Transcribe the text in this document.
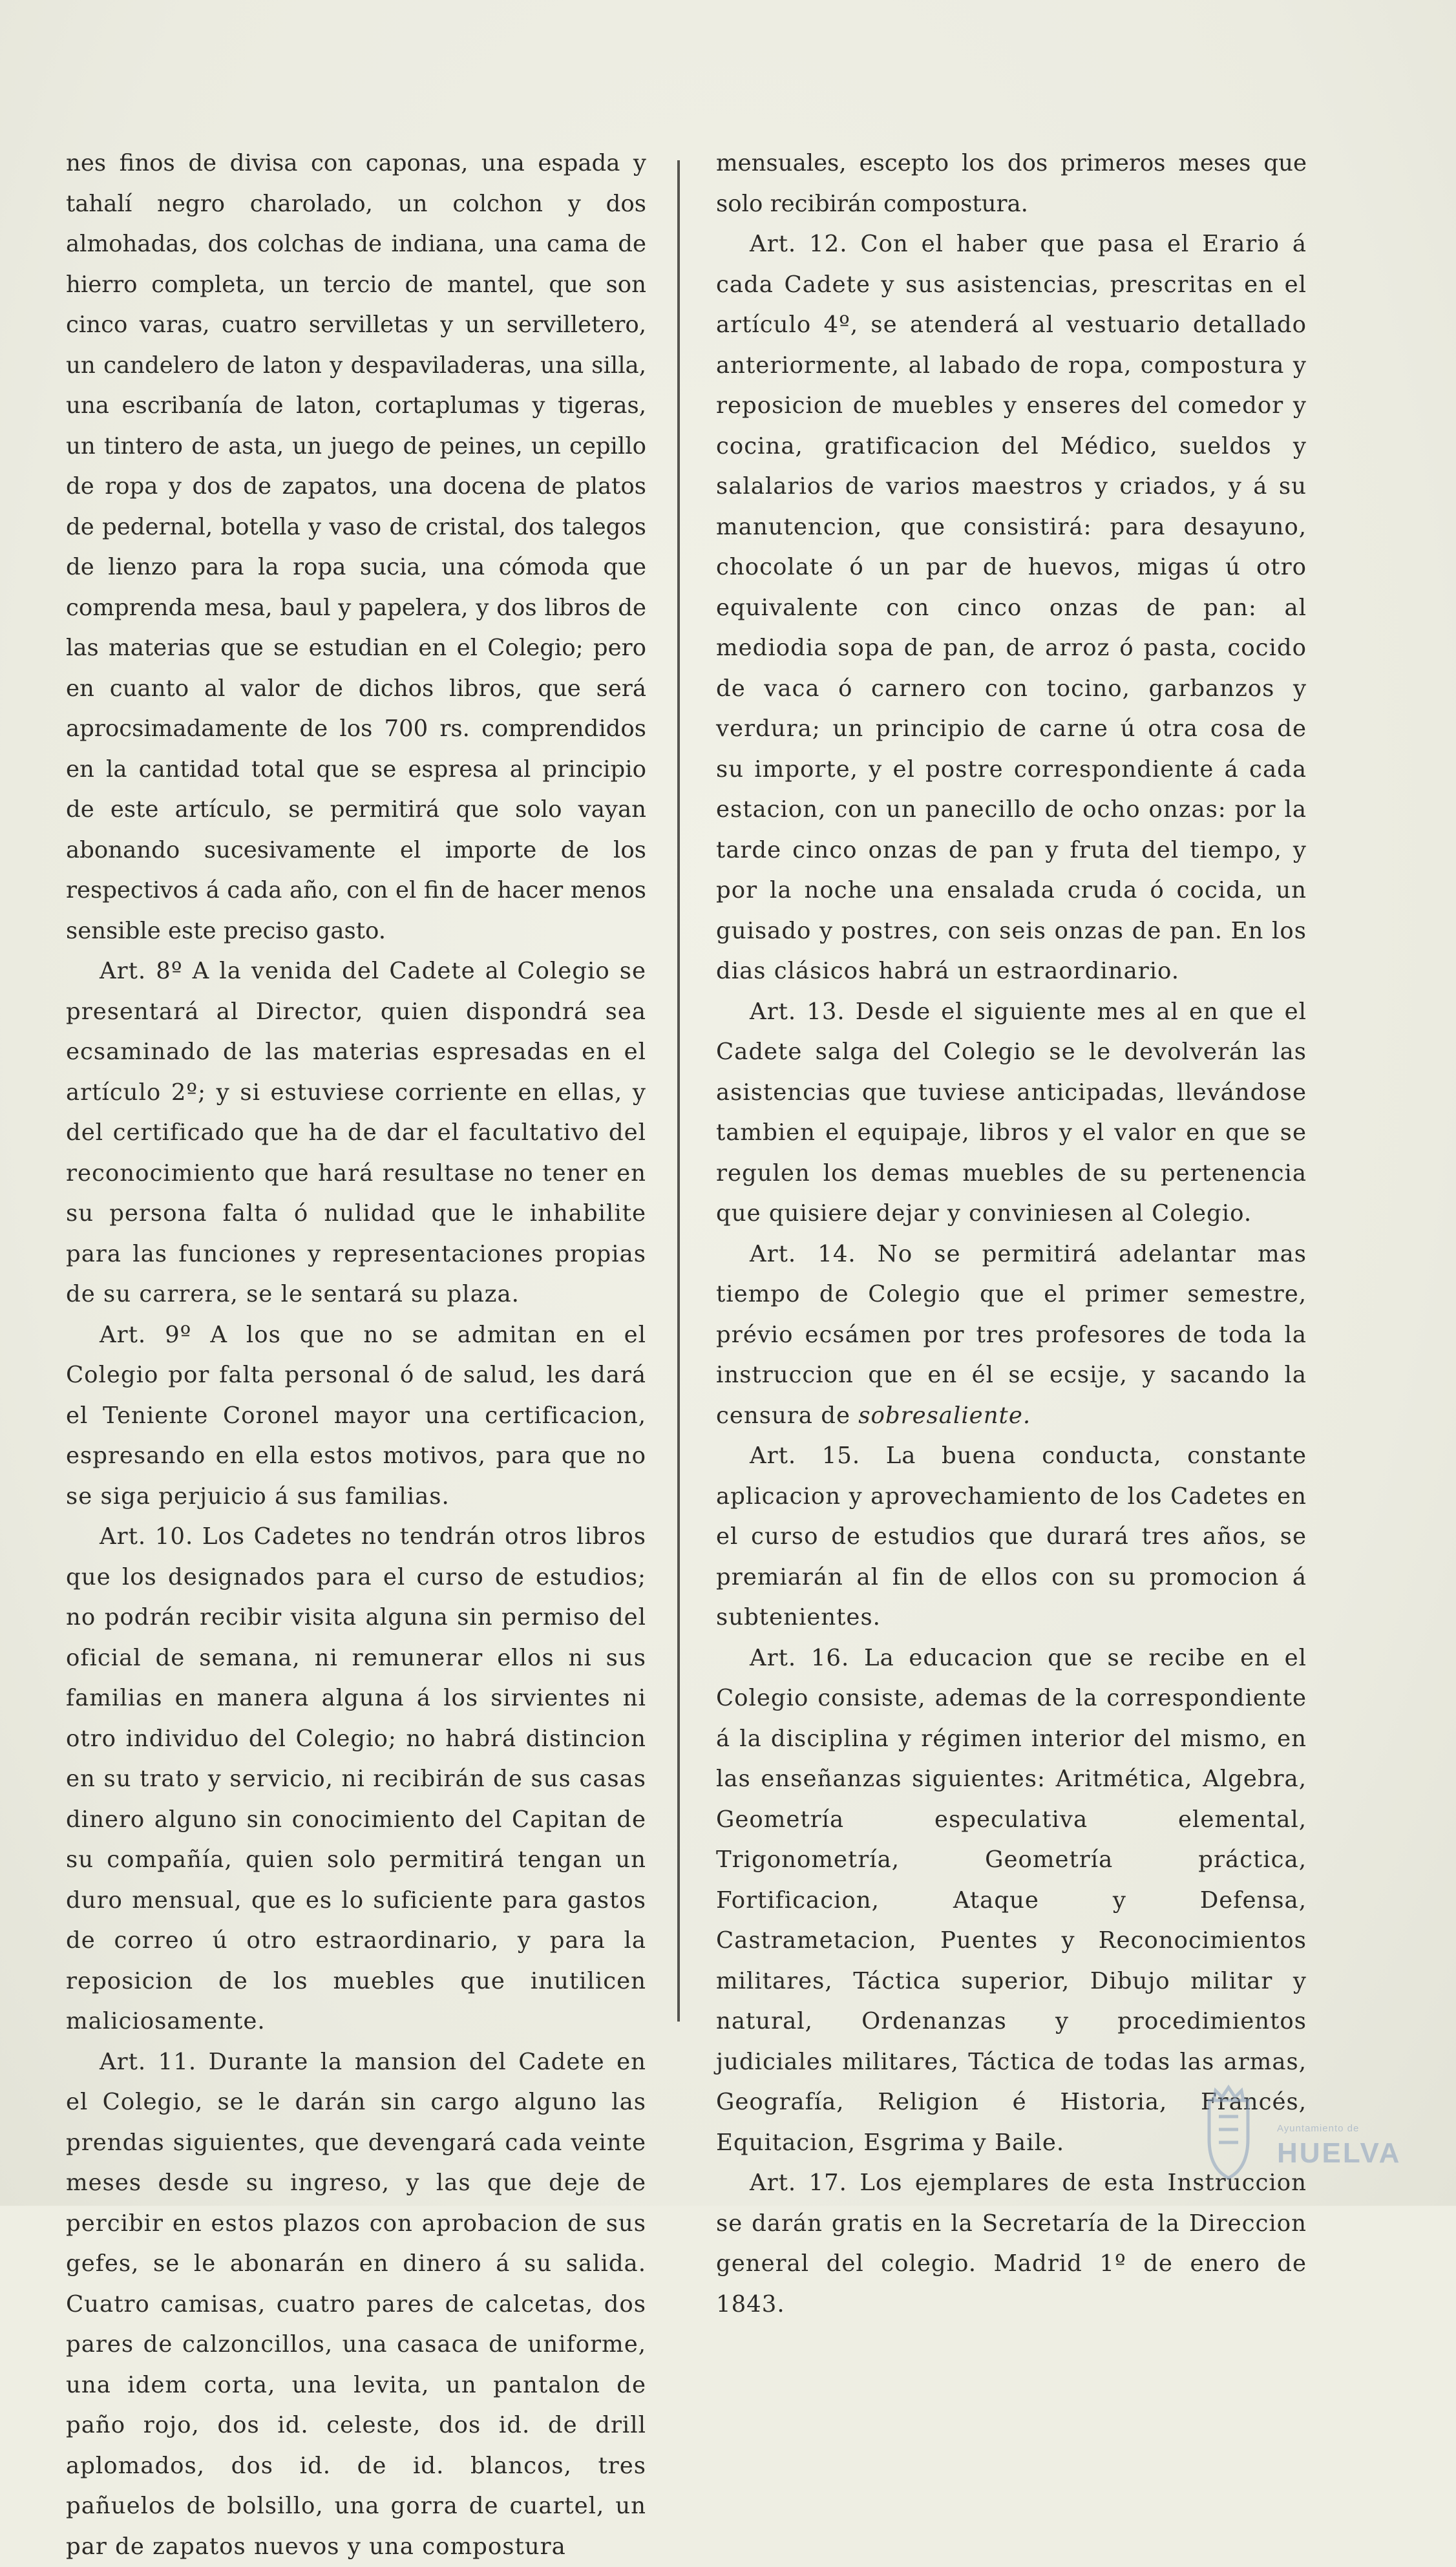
nes finos de divisa con caponas, una espada y tahalí negro charolado, un colchon y dos almohadas, dos colchas de indiana, una cama de hierro completa, un tercio de mantel, que son cinco varas, cuatro servilletas y un servilletero, un candelero de laton y despaviladeras, una silla, una escribanía de laton, cortaplumas y tigeras, un tintero de asta, un juego de peines, un cepillo de ropa y dos de zapatos, una docena de platos de pedernal, botella y vaso de cristal, dos talegos de lienzo para la ropa sucia, una cómoda que comprenda mesa, baul y papelera, y dos libros de las materias que se estudian en el Colegio; pero en cuanto al valor de dichos libros, que será aprocsimadamente de los 700 rs. comprendidos en la cantidad total que se espresa al principio de este artículo, se permitirá que solo vayan abonando sucesivamente el importe de los respectivos á cada año, con el fin de hacer menos sensible este preciso gasto.

Art. 8º A la venida del Cadete al Colegio se presentará al Director, quien dispondrá sea ecsaminado de las materias espresadas en el artículo 2º; y si estuviese corriente en ellas, y del certificado que ha de dar el facultativo del reconocimiento que hará resultase no tener en su persona falta ó nulidad que le inhabilite para las funciones y representaciones propias de su carrera, se le sentará su plaza.

Art. 9º A los que no se admitan en el Colegio por falta personal ó de salud, les dará el Teniente Coronel mayor una certificacion, espresando en ella estos motivos, para que no se siga perjuicio á sus familias.

Art. 10. Los Cadetes no tendrán otros libros que los designados para el curso de estudios; no podrán recibir visita alguna sin permiso del oficial de semana, ni remunerar ellos ni sus familias en manera alguna á los sirvientes ni otro individuo del Colegio; no habrá distincion en su trato y servicio, ni recibirán de sus casas dinero alguno sin conocimiento del Capitan de su compañía, quien solo permitirá tengan un duro mensual, que es lo suficiente para gastos de correo ú otro estraordinario, y para la reposicion de los muebles que inutilicen maliciosamente.

Art. 11. Durante la mansion del Cadete en el Colegio, se le darán sin cargo alguno las prendas siguientes, que devengará cada veinte meses desde su ingreso, y las que deje de percibir en estos plazos con aprobacion de sus gefes, se le abonarán en dinero á su salida. Cuatro camisas, cuatro pares de calcetas, dos pares de calzoncillos, una casaca de uniforme, una idem corta, una levita, un pantalon de paño rojo, dos id. celeste, dos id. de drill aplomados, dos id. de id. blancos, tres pañuelos de bolsillo, una gorra de cuartel, un par de zapatos nuevos y una compostura

mensuales, escepto los dos primeros meses que solo recibirán compostura.

Art. 12. Con el haber que pasa el Erario á cada Cadete y sus asistencias, prescritas en el artículo 4º, se atenderá al vestuario detallado anteriormente, al labado de ropa, compostura y reposicion de muebles y enseres del comedor y cocina, gratificacion del Médico, sueldos y salalarios de varios maestros y criados, y á su manutencion, que consistirá: para desayuno, chocolate ó un par de huevos, migas ú otro equivalente con cinco onzas de pan: al mediodia sopa de pan, de arroz ó pasta, cocido de vaca ó carnero con tocino, garbanzos y verdura; un principio de carne ú otra cosa de su importe, y el postre correspondiente á cada estacion, con un panecillo de ocho onzas: por la tarde cinco onzas de pan y fruta del tiempo, y por la noche una ensalada cruda ó cocida, un guisado y postres, con seis onzas de pan. En los dias clásicos habrá un estraordinario.

Art. 13. Desde el siguiente mes al en que el Cadete salga del Colegio se le devolverán las asistencias que tuviese anticipadas, llevándose tambien el equipaje, libros y el valor en que se regulen los demas muebles de su pertenencia que quisiere dejar y conviniesen al Colegio.

Art. 14. No se permitirá adelantar mas tiempo de Colegio que el primer semestre, prévio ecsámen por tres profesores de toda la instruccion que en él se ecsije, y sacando la censura de sobresaliente.

Art. 15. La buena conducta, constante aplicacion y aprovechamiento de los Cadetes en el curso de estudios que durará tres años, se premiarán al fin de ellos con su promocion á subtenientes.

Art. 16. La educacion que se recibe en el Colegio consiste, ademas de la correspondiente á la disciplina y régimen interior del mismo, en las enseñanzas siguientes: Aritmética, Algebra, Geometría especulativa elemental, Trigonometría, Geometría práctica, Fortificacion, Ataque y Defensa, Castrametacion, Puentes y Reconocimientos militares, Táctica superior, Dibujo militar y natural, Ordenanzas y procedimientos judiciales militares, Táctica de todas las armas, Geografía, Religion é Historia, Francés, Equitacion, Esgrima y Baile.

Art. 17. Los ejemplares de esta Instruccion se darán gratis en la Secretaría de la Direccion general del colegio. Madrid 1º de enero de 1843.

Ayuntamiento de
HUELVA
